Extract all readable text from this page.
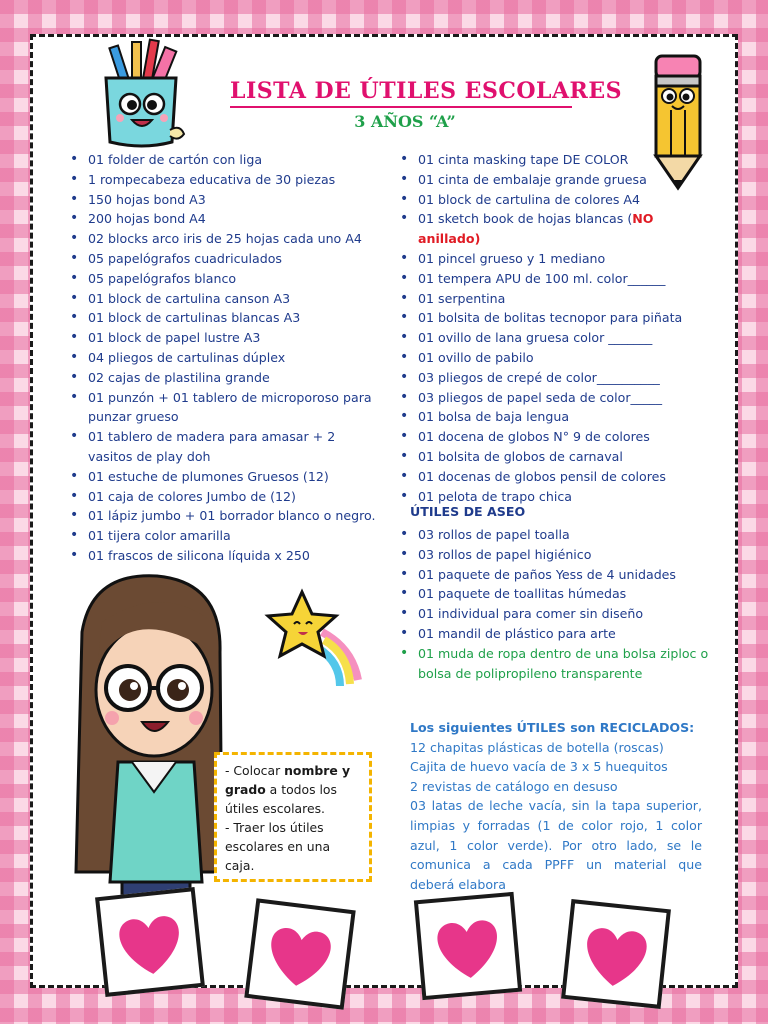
LISTA DE ÚTILES ESCOLARES
3 AÑOS “A”
• 01 folder de cartón con liga
• 1 rompecabeza educativa de 30 piezas
• 150 hojas bond A3
• 200 hojas bond A4
• 02 blocks arco iris de 25 hojas cada uno A4
• 05 papelógrafos cuadriculados
• 05 papelógrafos blanco
• 01 block de cartulina canson A3
• 01 block de cartulinas blancas A3
• 01 block de papel lustre A3
• 04 pliegos de cartulinas dúplex
• 02 cajas de plastilina grande
• 01 punzón + 01 tablero de microporoso para punzar grueso
• 01 tablero de madera para amasar + 2 vasitos de play doh
• 01 estuche de plumones Gruesos (12)
• 01 caja de colores Jumbo de (12)
• 01 lápiz jumbo + 01 borrador blanco o negro.
• 01 tijera color amarilla
• 01 frascos de silicona líquida x 250
• 01 cinta masking tape DE COLOR
• 01 cinta de embalaje grande gruesa
• 01 block de cartulina de colores A4
• 01 sketch book de hojas blancas (NO anillado)
• 01 pincel grueso y 1 mediano
• 01 tempera APU de 100 ml. color______
• 01 serpentina
• 01 bolsita de bolitas tecnopor para piñata
• 01 ovillo de lana gruesa color _______
• 01 ovillo de pabilo
• 03 pliegos de crepé de color__________
• 03 pliegos de papel seda de color_____
• 01 bolsa de baja lengua
• 01 docena de globos N° 9 de colores
• 01 bolsita de globos de carnaval
• 01 docenas de globos pensil de colores
• 01 pelota de trapo chica
ÚTILES DE ASEO
• 03 rollos de papel toalla
• 03 rollos de papel higiénico
• 01 paquete de paños Yess de 4 unidades
• 01 paquete de toallitas húmedas
• 01 individual para comer sin diseño
• 01 mandil de plástico para arte
• 01 muda de ropa dentro de una bolsa ziploc o bolsa de polipropileno transparente
Los siguientes ÚTILES son RECICLADOS:
12 chapitas plásticas de botella (roscas)
Cajita de huevo vacía de 3 x 5 huequitos
2 revistas de catálogo en desuso
03 latas de leche vacía, sin la tapa superior, limpias y forradas (1 de color rojo, 1 color azul, 1 color verde). Por otro lado, se le comunica a cada PPFF un material que deberá elabora
- Colocar nombre y grado a todos los útiles escolares.
- Traer los útiles escolares en una caja.
